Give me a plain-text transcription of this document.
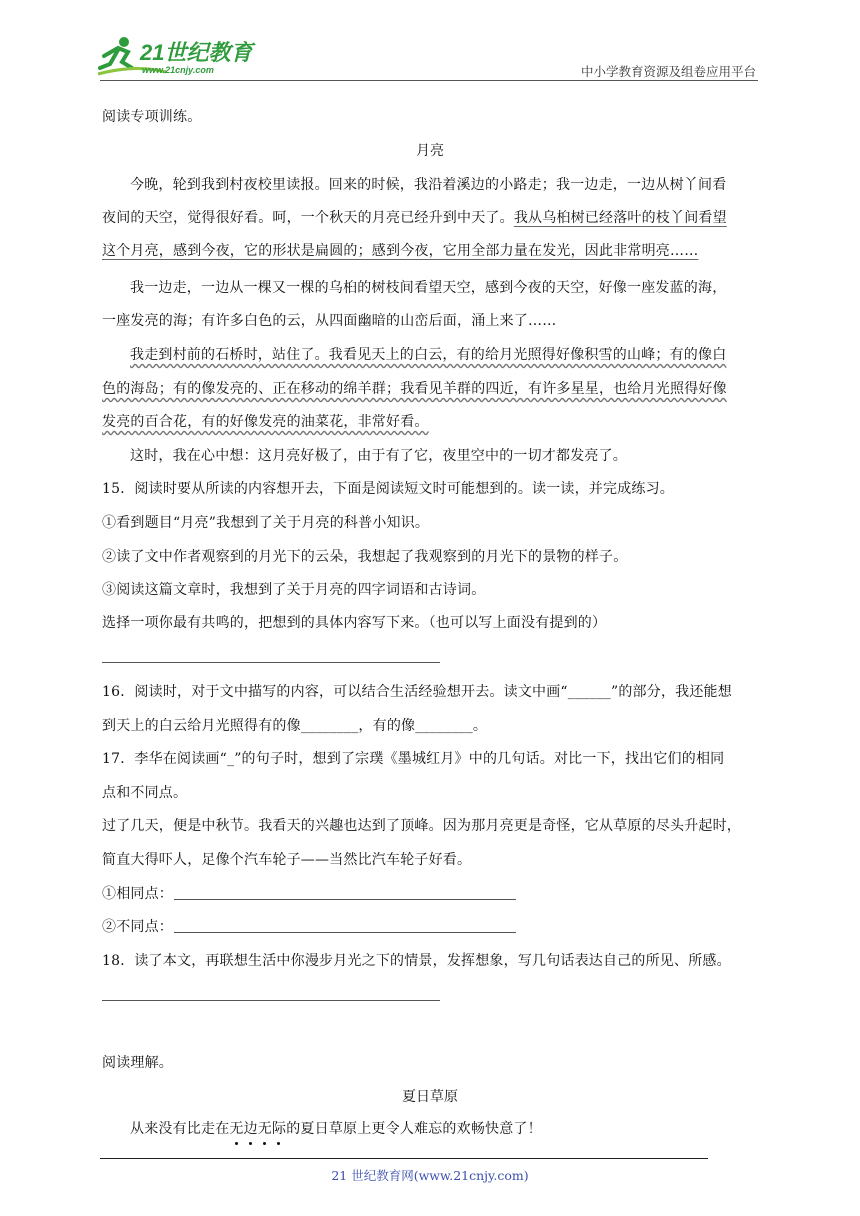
21世纪教育
www.21cnjy.com	中小学教育资源及组卷应用平台
阅读专项训练。
月亮
今晚，轮到我到村夜校里读报。回来的时候，我沿着溪边的小路走；我一边走，一边从树丫间看
夜间的天空，觉得很好看。呵，一个秋天的月亮已经升到中天了。我从乌桕树已经落叶的枝丫间看望
这个月亮，感到今夜，它的形状是扁圆的；感到今夜，它用全部力量在发光，因此非常明亮……
我一边走，一边从一棵又一棵的乌桕的树枝间看望天空，感到今夜的天空，好像一座发蓝的海，
一座发亮的海；有许多白色的云，从四面幽暗的山峦后面，涌上来了……
我走到村前的石桥时，站住了。我看见天上的白云，有的给月光照得好像积雪的山峰；有的像白
色的海岛；有的像发亮的、正在移动的绵羊群；我看见羊群的四近，有许多星星，也给月光照得好像
发亮的百合花，有的好像发亮的油菜花，非常好看。
这时，我在心中想：这月亮好极了，由于有了它，夜里空中的一切才都发亮了。
15．阅读时要从所读的内容想开去，下面是阅读短文时可能想到的。读一读，并完成练习。
①看到题目“月亮”我想到了关于月亮的科普小知识。
②读了文中作者观察到的月光下的云朵，我想起了我观察到的月光下的景物的样子。
③阅读这篇文章时，我想到了关于月亮的四字词语和古诗词。
选择一项你最有共鸣的，把想到的具体内容写下来。（也可以写上面没有提到的）
16．阅读时，对于文中描写的内容，可以结合生活经验想开去。读文中画“______”的部分，我还能想
到天上的白云给月光照得有的像________，有的像________。
17．李华在阅读画“_”的句子时，想到了宗璞《墨城红月》中的几句话。对比一下，找出它们的相同
点和不同点。
过了几天，便是中秋节。我看天的兴趣也达到了顶峰。因为那月亮更是奇怪，它从草原的尽头升起时，
简直大得吓人，足像个汽车轮子——当然比汽车轮子好看。
①相同点：
②不同点：
18．读了本文，再联想生活中你漫步月光之下的情景，发挥想象，写几句话表达自己的所见、所感。
阅读理解。
夏日草原
从来没有比走在无边无际
的夏日草原上更令人难忘的欢畅快意了！
21 世纪教育网(www.21cnjy.com)
